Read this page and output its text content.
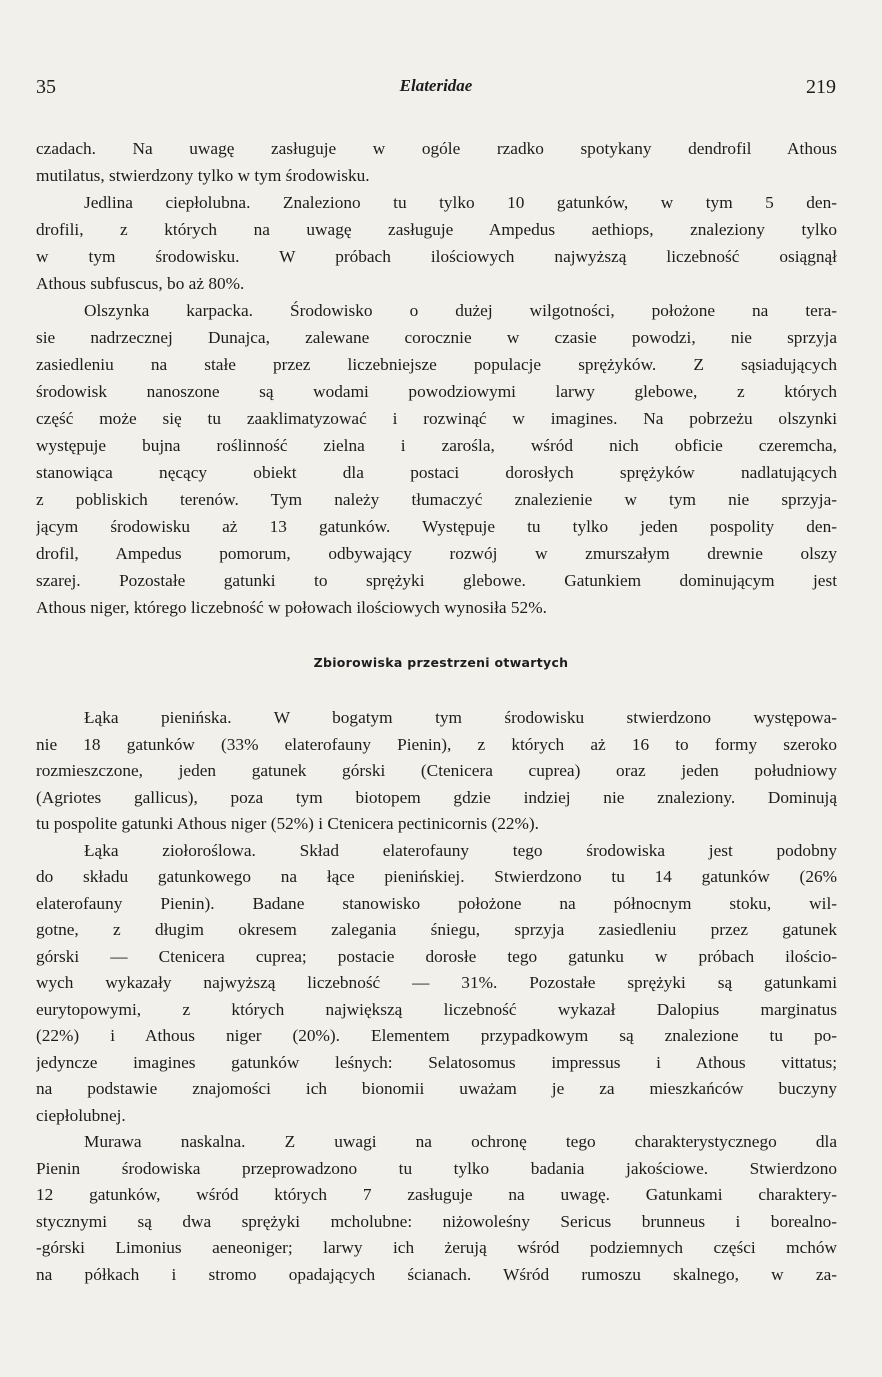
35	Elateridae	219
czadach. Na uwagę zasługuje w ogóle rzadko spotykany dendrofil Athous
mutilatus, stwierdzony tylko w tym środowisku.
Jedlina ciepłolubna. Znaleziono tu tylko 10 gatunków, w tym 5 den-
drofili, z których na uwagę zasługuje Ampedus aethiops, znaleziony tylko
w tym środowisku. W próbach ilościowych najwyższą liczebność osiągnął
Athous subfuscus, bo aż 80%.
Olszynka karpacka. Środowisko o dużej wilgotności, położone na tera-
sie nadrzecznej Dunajca, zalewane corocznie w czasie powodzi, nie sprzyja
zasiedleniu na stałe przez liczebniejsze populacje sprężyków. Z sąsiadujących
środowisk nanoszone są wodami powodziowymi larwy glebowe, z których
część może się tu zaaklimatyzować i rozwinąć w imagines. Na pobrzeżu olszynki
występuje bujna roślinność zielna i zarośla, wśród nich obficie czeremcha,
stanowiąca nęcący obiekt dla postaci dorosłych sprężyków nadlatujących
z pobliskich terenów. Tym należy tłumaczyć znalezienie w tym nie sprzyja-
jącym środowisku aż 13 gatunków. Występuje tu tylko jeden pospolity den-
drofil, Ampedus pomorum, odbywający rozwój w zmurszałym drewnie olszy
szarej. Pozostałe gatunki to sprężyki glebowe. Gatunkiem dominującym jest
Athous niger, którego liczebność w połowach ilościowych wynosiła 52%.
Zbiorowiska przestrzeni otwartych
Łąka pienińska. W bogatym tym środowisku stwierdzono występowa-
nie 18 gatunków (33% elaterofauny Pienin), z których aż 16 to formy szeroko
rozmieszczone, jeden gatunek górski (Ctenicera cuprea) oraz jeden południowy
(Agriotes gallicus), poza tym biotopem gdzie indziej nie znaleziony. Dominują
tu pospolite gatunki Athous niger (52%) i Ctenicera pectinicornis (22%).
Łąka ziołoroślowa. Skład elaterofauny tego środowiska jest podobny
do składu gatunkowego na łące pienińskiej. Stwierdzono tu 14 gatunków (26%
elaterofauny Pienin). Badane stanowisko położone na północnym stoku, wil-
gotne, z długim okresem zalegania śniegu, sprzyja zasiedleniu przez gatunek
górski — Ctenicera cuprea; postacie dorosłe tego gatunku w próbach ilościo-
wych wykazały najwyższą liczebność — 31%. Pozostałe sprężyki są gatunkami
eurytopowymi, z których największą liczebność wykazał Dalopius marginatus
(22%) i Athous niger (20%). Elementem przypadkowym są znalezione tu po-
jedyncze imagines gatunków leśnych: Selatosomus impressus i Athous vittatus;
na podstawie znajomości ich bionomii uważam je za mieszkańców buczyny
ciepłolubnej.
Murawa naskalna. Z uwagi na ochronę tego charakterystycznego dla
Pienin środowiska przeprowadzono tu tylko badania jakościowe. Stwierdzono
12 gatunków, wśród których 7 zasługuje na uwagę. Gatunkami charaktery-
stycznymi są dwa sprężyki mcholubne: niżowoleśny Sericus brunneus i borealno-
-górski Limonius aeneoniger; larwy ich żerują wśród podziemnych części mchów
na półkach i stromo opadających ścianach. Wśród rumoszu skalnego, w za-
